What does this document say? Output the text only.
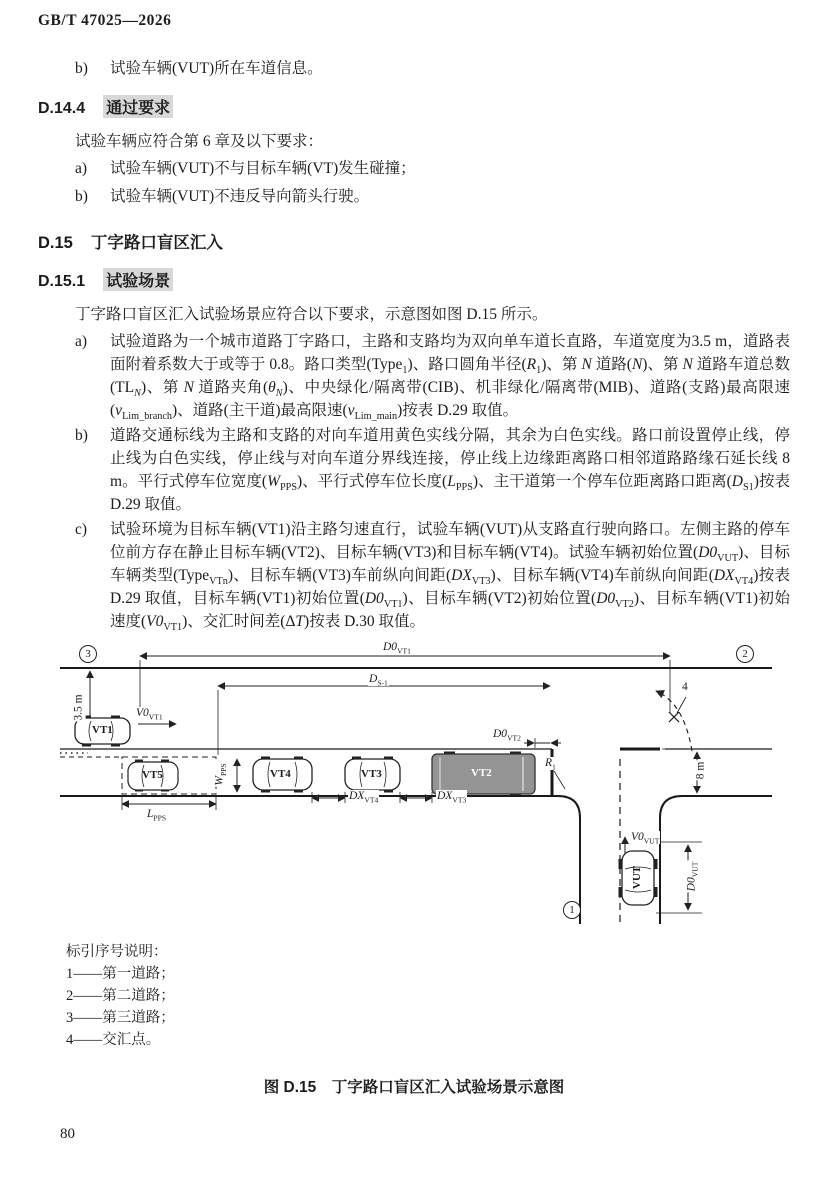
GB/T 47025—2026
b)	试验车辆(VUT)所在车道信息。
D.14.4 通过要求
试验车辆应符合第 6 章及以下要求：
a)	试验车辆(VUT)不与目标车辆(VT)发生碰撞；
b)	试验车辆(VUT)不违反导向箭头行驶。
D.15 丁字路口盲区汇入
D.15.1 试验场景
丁字路口盲区汇入试验场景应符合以下要求，示意图如图 D.15 所示。
a)	试验道路为一个城市道路丁字路口，主路和支路均为双向单车道长直路，车道宽度为3.5 m，道路表面附着系数大于或等于 0.8。路口类型(Type$_1$)、路口圆角半径$(R_1)$、第 N 道路(N)、第 N 道路车道总数$(TL_N)$、第 N 道路夹角$(\theta_N)$、中央绿化/隔离带(CIB)、机非绿化/隔离带(MIB)、道路(支路)最高限速$(v_{Lim\_branch})$、道路(主干道)最高限速$(v_{Lim\_main})$按表 D.29 取值。
b)	道路交通标线为主路和支路的对向车道用黄色实线分隔，其余为白色实线。路口前设置停止线，停止线为白色实线，停止线与对向车道分界线连接，停止线上边缘距离路口相邻道路路缘石延长线 8 m。平行式停车位宽度$(W_{PPS})$、平行式停车位长度$(L_{PPS})$、主干道第一个停车位距离路口距离$(D_{S1})$按表 D.29 取值。
c)	试验环境为目标车辆(VT1)沿主路匀速直行，试验车辆(VUT)从支路直行驶向路口。左侧主路的停车位前方存在静止目标车辆(VT2)、目标车辆(VT3)和目标车辆(VT4)。试验车辆初始位置$(D0_{VUT})$、目标车辆类型(Type$_{VTn}$)、目标车辆(VT3)车前纵向间距$(DX_{VT3})$、目标车辆(VT4)车前纵向间距$(DX_{VT4})$按表 D.29 取值，目标车辆(VT1)初始位置$(D0_{VT1})$、目标车辆(VT2)初始位置$(D0_{VT2})$、目标车辆(VT1)初始速度$(V0_{VT1})$、交汇时间差(ΔT)按表 D.30 取值。
$D0_{VT1}$
$D_{S-1}$
3.5 m	$V0_{VT1}$
VT1
VT5
$L_{PPS}$
$W_{PPS}$	VT4	VT3	VT2
$DX_{VT4}$	$DX_{VT3}$
$R_1$
$D0_{VT2}$
8 m
4
$V0_{VUT}$
$D0_{VUT}$
VUT
3	2
1
标引序号说明：
1——第一道路；
2——第二道路；
3——第三道路；
4——交汇点。
图 D.15　丁字路口盲区汇入试验场景示意图
80
